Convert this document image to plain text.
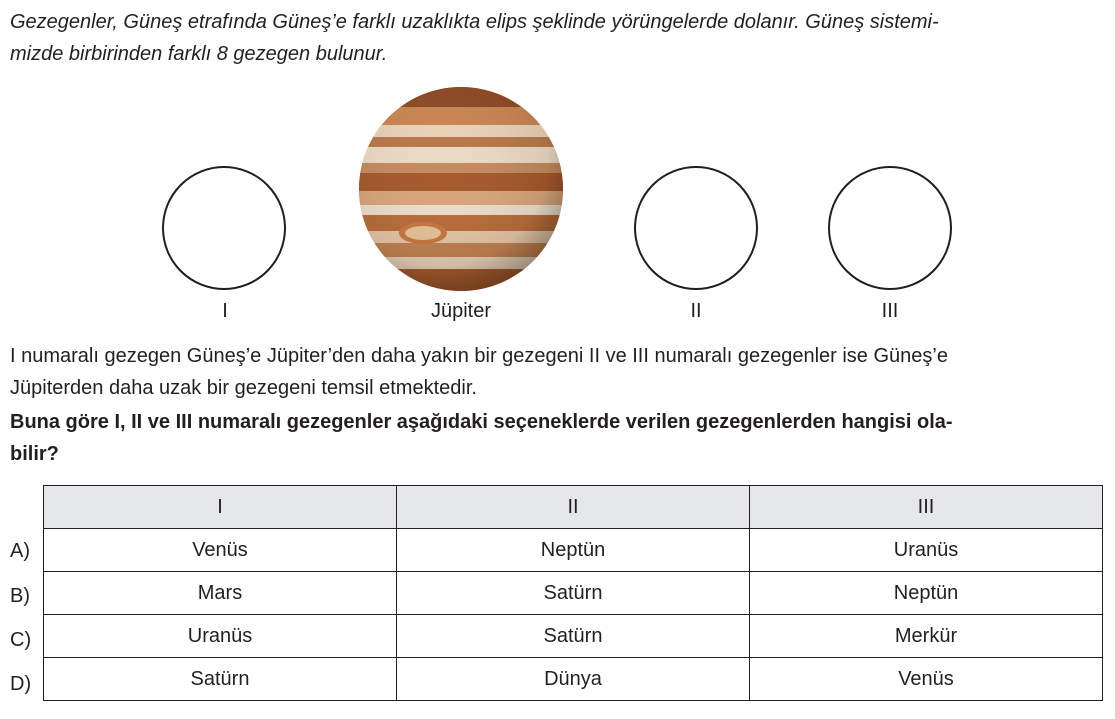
Gezegenler, Güneş etrafında Güneş’e farklı uzaklıkta elips şeklinde yörüngelerde dolanır. Güneş sistemi-
mizde birbirinden farklı 8 gezegen bulunur.

I	Jüpiter	II	III

I numaralı gezegen Güneş’e Jüpiter’den daha yakın bir gezegeni II ve III numaralı gezegenler ise Güneş’e
Jüpiterden daha uzak bir gezegeni temsil etmektedir.

Buna göre I, II ve III numaralı gezegenler aşağıdaki seçeneklerde verilen gezegenlerden hangisi ola-
bilir?

A)
B)
C)
D)
I	II	III
Venüs	Neptün	Uranüs
Mars	Satürn	Neptün
Uranüs	Satürn	Merkür
Satürn	Dünya	Venüs
